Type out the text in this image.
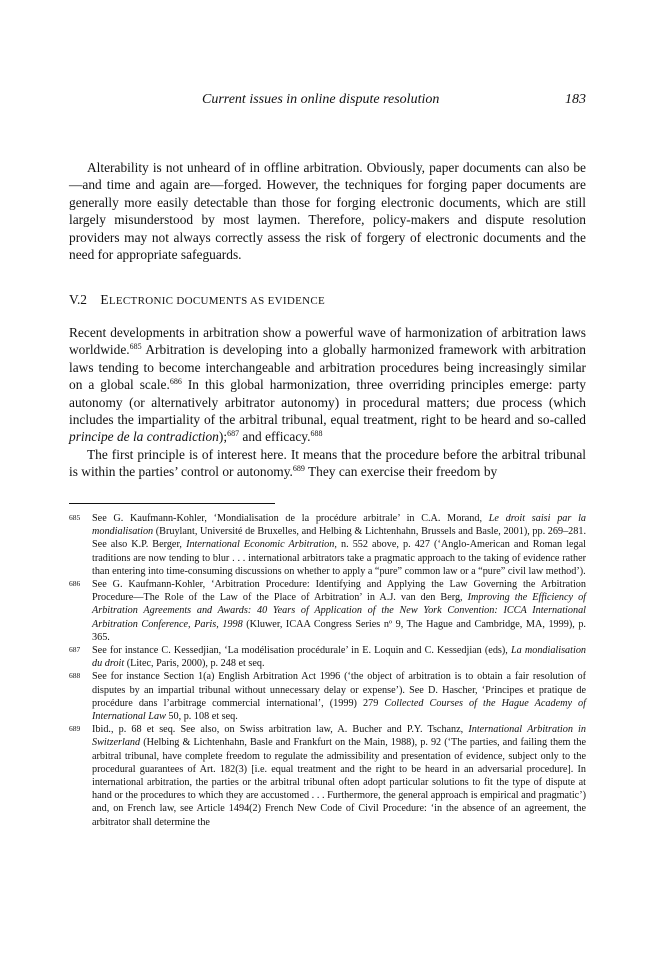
Current issues in online dispute resolution	183

Alterability is not unheard of in offline arbitration. Obviously, paper documents can also be—and time and again are—forged. However, the techniques for forging paper documents are generally more easily detectable than those for forging electronic documents, which are still largely misunderstood by most laymen. Therefore, policy-makers and dispute resolution providers may not always correctly assess the risk of forgery of electronic documents and the need for appropriate safeguards.

V.2  ELECTRONIC DOCUMENTS AS EVIDENCE

Recent developments in arbitration show a powerful wave of harmonization of arbitration laws worldwide.$^{685}$ Arbitration is developing into a globally harmonized framework with arbitration laws tending to become interchangeable and arbitration procedures being increasingly similar on a global scale.$^{686}$ In this global harmonization, three overriding principles emerge: party autonomy (or alternatively arbitrator autonomy) in procedural matters; due process (which includes the impartiality of the arbitral tribunal, equal treatment, right to be heard and so-called principe de la contradiction);$^{687}$ and efficacy.$^{688}$

The first principle is of interest here. It means that the procedure before the arbitral tribunal is within the parties’ control or autonomy.$^{689}$ They can exercise their freedom by

685 See G. Kaufmann-Kohler, ‘Mondialisation de la procédure arbitrale’ in C.A. Morand, Le droit saisi par la mondialisation (Bruylant, Université de Bruxelles, and Helbing & Lichtenhahn, Brussels and Basle, 2001), pp. 269–281. See also K.P. Berger, International Economic Arbitration, n. 552 above, p. 427 (‘Anglo-American and Roman legal traditions are now tending to blur . . . international arbitrators take a pragmatic approach to the taking of evidence rather than entering into time-consuming discussions on whether to apply a “pure” common law or a “pure” civil law method’).

686 See G. Kaufmann-Kohler, ‘Arbitration Procedure: Identifying and Applying the Law Governing the Arbitration Procedure—The Role of the Law of the Place of Arbitration’ in A.J. van den Berg, Improving the Efficiency of Arbitration Agreements and Awards: 40 Years of Application of the New York Convention: ICCA International Arbitration Conference, Paris, 1998 (Kluwer, ICAA Congress Series nº 9, The Hague and Cambridge, MA, 1999), p. 365.

687 See for instance C. Kessedjian, ‘La modélisation procédurale’ in E. Loquin and C. Kessedjian (eds), La mondialisation du droit (Litec, Paris, 2000), p. 248 et seq.

688 See for instance Section 1(a) English Arbitration Act 1996 (‘the object of arbitration is to obtain a fair resolution of disputes by an impartial tribunal without unnecessary delay or expense’). See D. Hascher, ‘Principes et pratique de procédure dans l’arbitrage commercial international’, (1999) 279 Collected Courses of the Hague Academy of International Law 50, p. 108 et seq.

689 Ibid., p. 68 et seq. See also, on Swiss arbitration law, A. Bucher and P.Y. Tschanz, International Arbitration in Switzerland (Helbing & Lichtenhahn, Basle and Frankfurt on the Main, 1988), p. 92 (‘The parties, and failing them the arbitral tribunal, have complete freedom to regulate the admissibility and presentation of evidence, subject only to the procedural guarantees of Art. 182(3) [i.e. equal treatment and the right to be heard in an adversarial procedure]. In international arbitration, the parties or the arbitral tribunal often adopt particular solutions to fit the type of dispute at hand or the procedures to which they are accustomed . . . Furthermore, the general approach is empirical and pragmatic’) and, on French law, see Article 1494(2) French New Code of Civil Procedure: ‘in the absence of an agreement, the arbitrator shall determine the
